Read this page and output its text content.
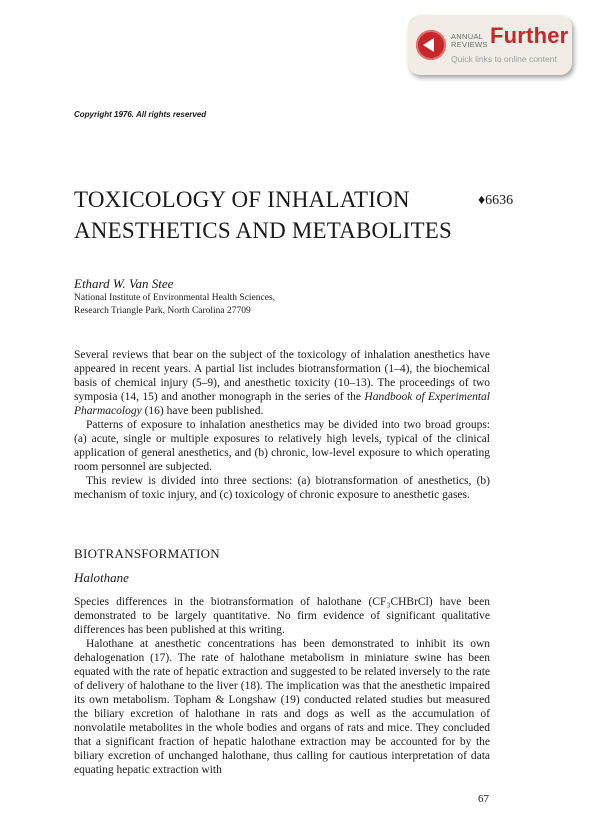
ANNUAL
REVIEWS Further
Quick links to online content
Copyright 1976. All rights reserved
TOXICOLOGY OF INHALATION
ANESTHETICS AND METABOLITES
♦6636
Ethard W. Van Stee
National Institute of Environmental Health Sciences,
Research Triangle Park, North Carolina 27709

Several reviews that bear on the subject of the toxicology of inhalation anesthetics have appeared in recent years. A partial list includes biotransformation (1–4), the biochemical basis of chemical injury (5–9), and anesthetic toxicity (10–13). The proceedings of two symposia (14, 15) and another monograph in the series of the Handbook of Experimental Pharmacology (16) have been published.

Patterns of exposure to inhalation anesthetics may be divided into two broad groups: (a) acute, single or multiple exposures to relatively high levels, typical of the clinical application of general anesthetics, and (b) chronic, low-level exposure to which operating room personnel are subjected.

This review is divided into three sections: (a) biotransformation of anesthetics, (b) mechanism of toxic injury, and (c) toxicology of chronic exposure to anesthetic gases.

BIOTRANSFORMATION
Halothane

Species differences in the biotransformation of halothane (CF₃CHBrCl) have been demonstrated to be largely quantitative. No firm evidence of significant qualitative differences has been published at this writing.

Halothane at anesthetic concentrations has been demonstrated to inhibit its own dehalogenation (17). The rate of halothane metabolism in miniature swine has been equated with the rate of hepatic extraction and suggested to be related inversely to the rate of delivery of halothane to the liver (18). The implication was that the anesthetic impaired its own metabolism. Topham & Longshaw (19) conducted related studies but measured the biliary excretion of halothane in rats and dogs as well as the accumulation of nonvolatile metabolites in the whole bodies and organs of rats and mice. They concluded that a significant fraction of hepatic halothane extraction may be accounted for by the biliary excretion of unchanged halothane, thus calling for cautious interpretation of data equating hepatic extraction with

67
